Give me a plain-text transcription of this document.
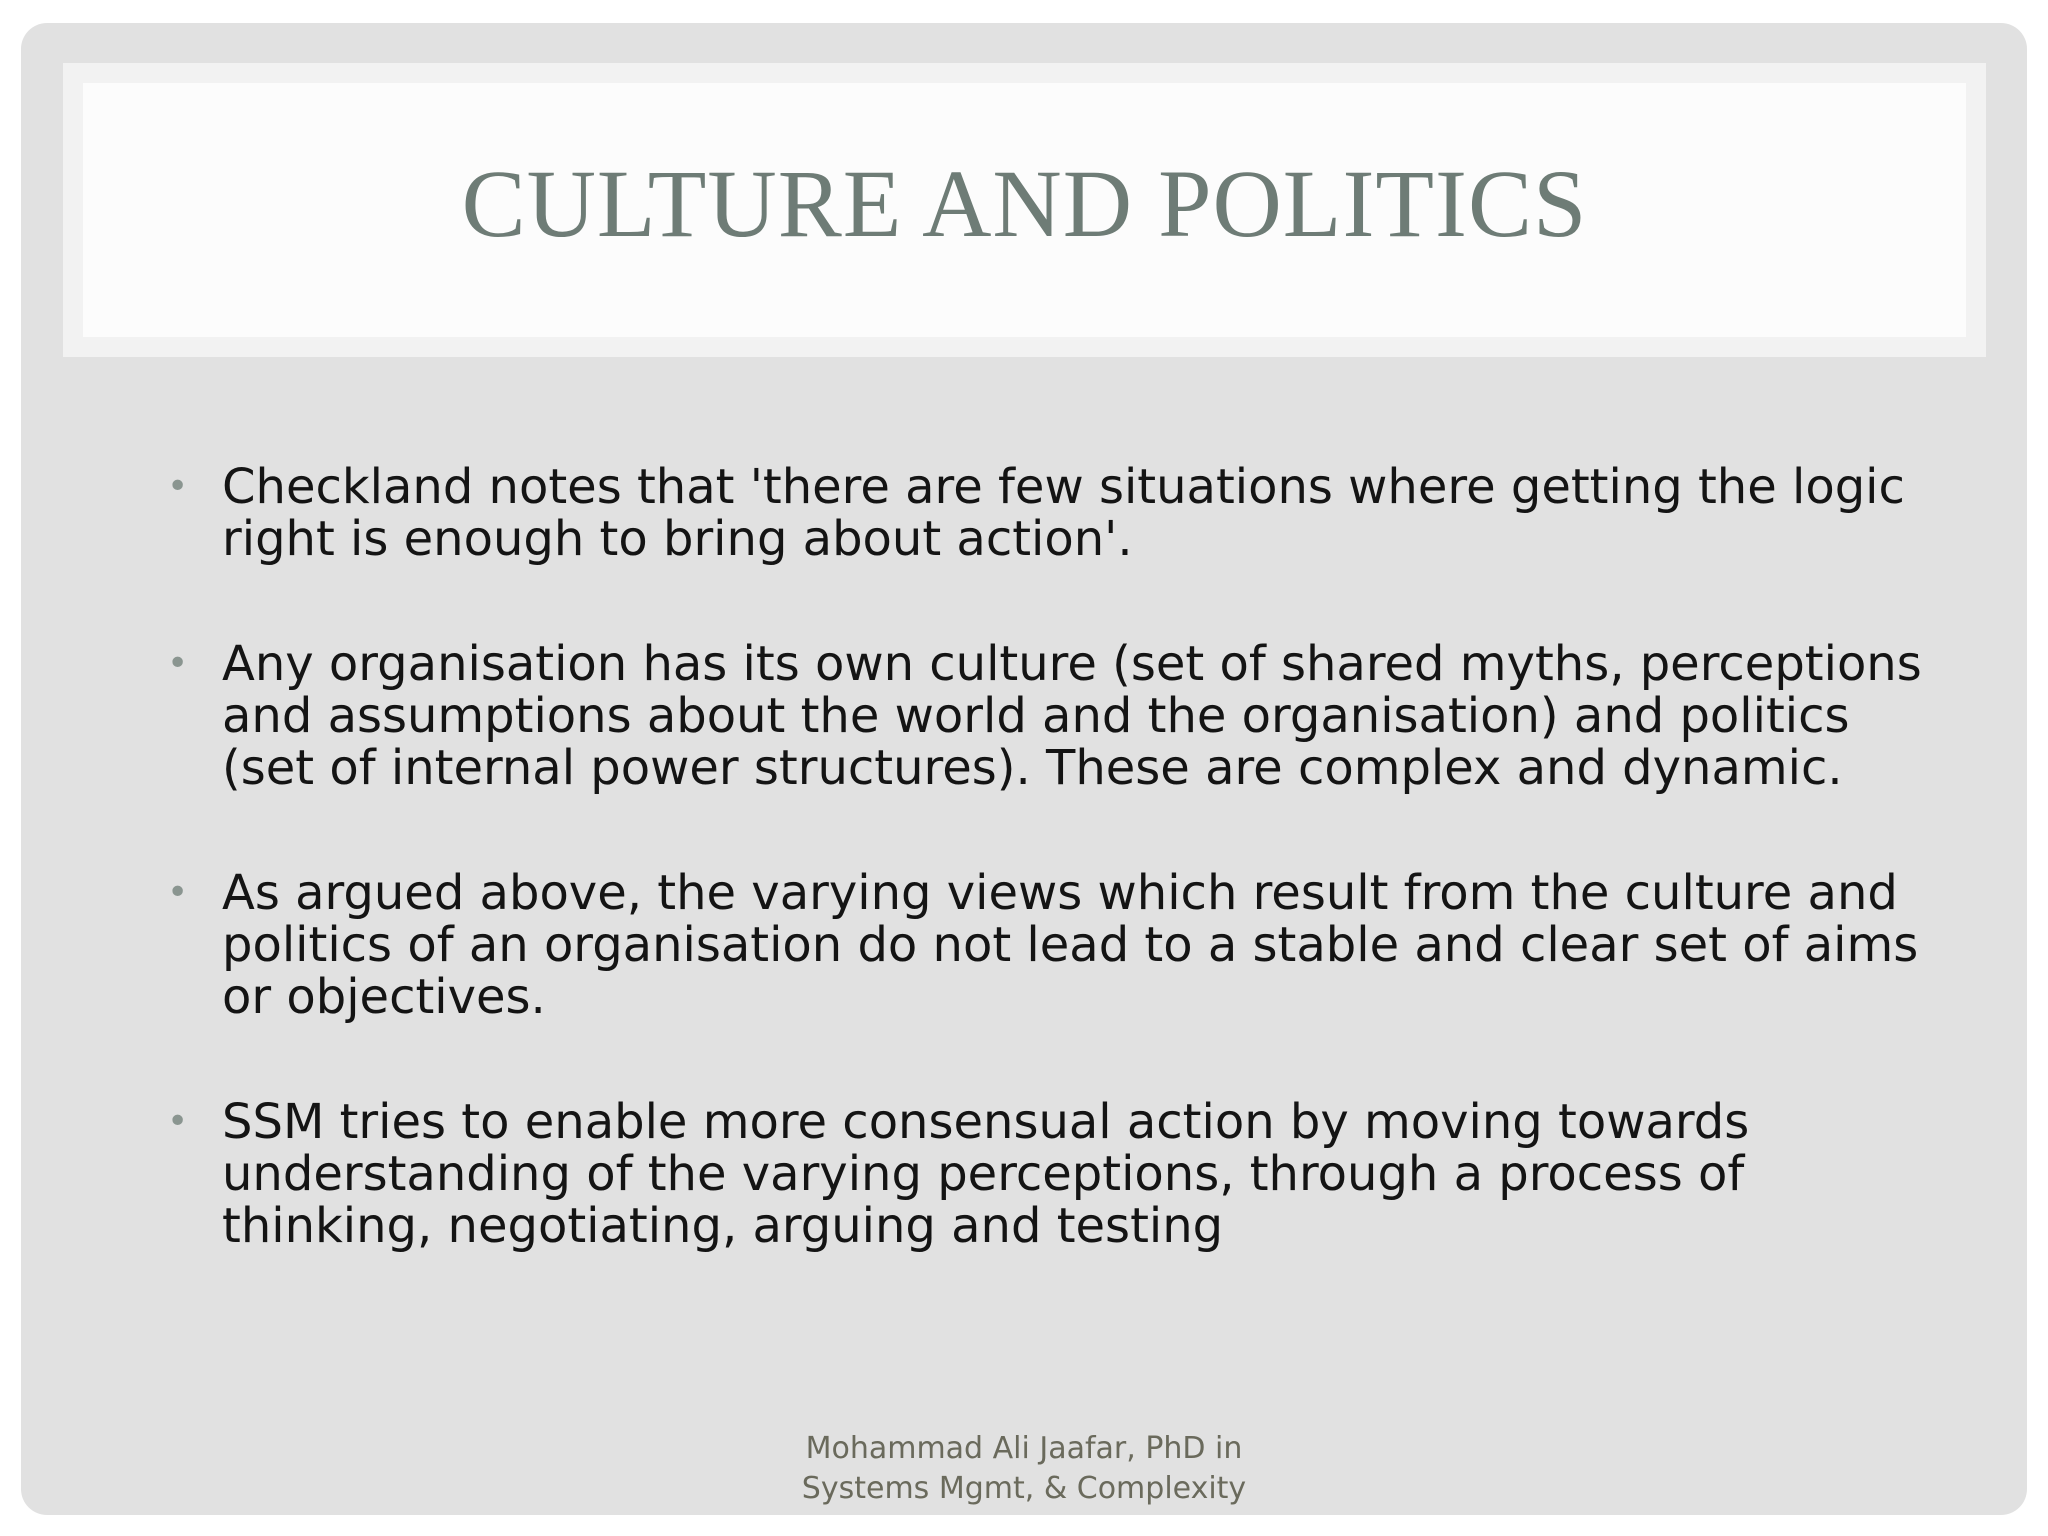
CULTURE AND POLITICS
• Checkland notes that 'there are few situations where getting the logic right is enough to bring about action'.
• Any organisation has its own culture (set of shared myths, perceptions and assumptions about the world and the organisation) and politics (set of internal power structures). These are complex and dynamic.
• As argued above, the varying views which result from the culture and politics of an organisation do not lead to a stable and clear set of aims or objectives.
• SSM tries to enable more consensual action by moving towards understanding of the varying perceptions, through a process of thinking, negotiating, arguing and testing
Mohammad Ali Jaafar, PhD in
Systems Mgmt, & Complexity
